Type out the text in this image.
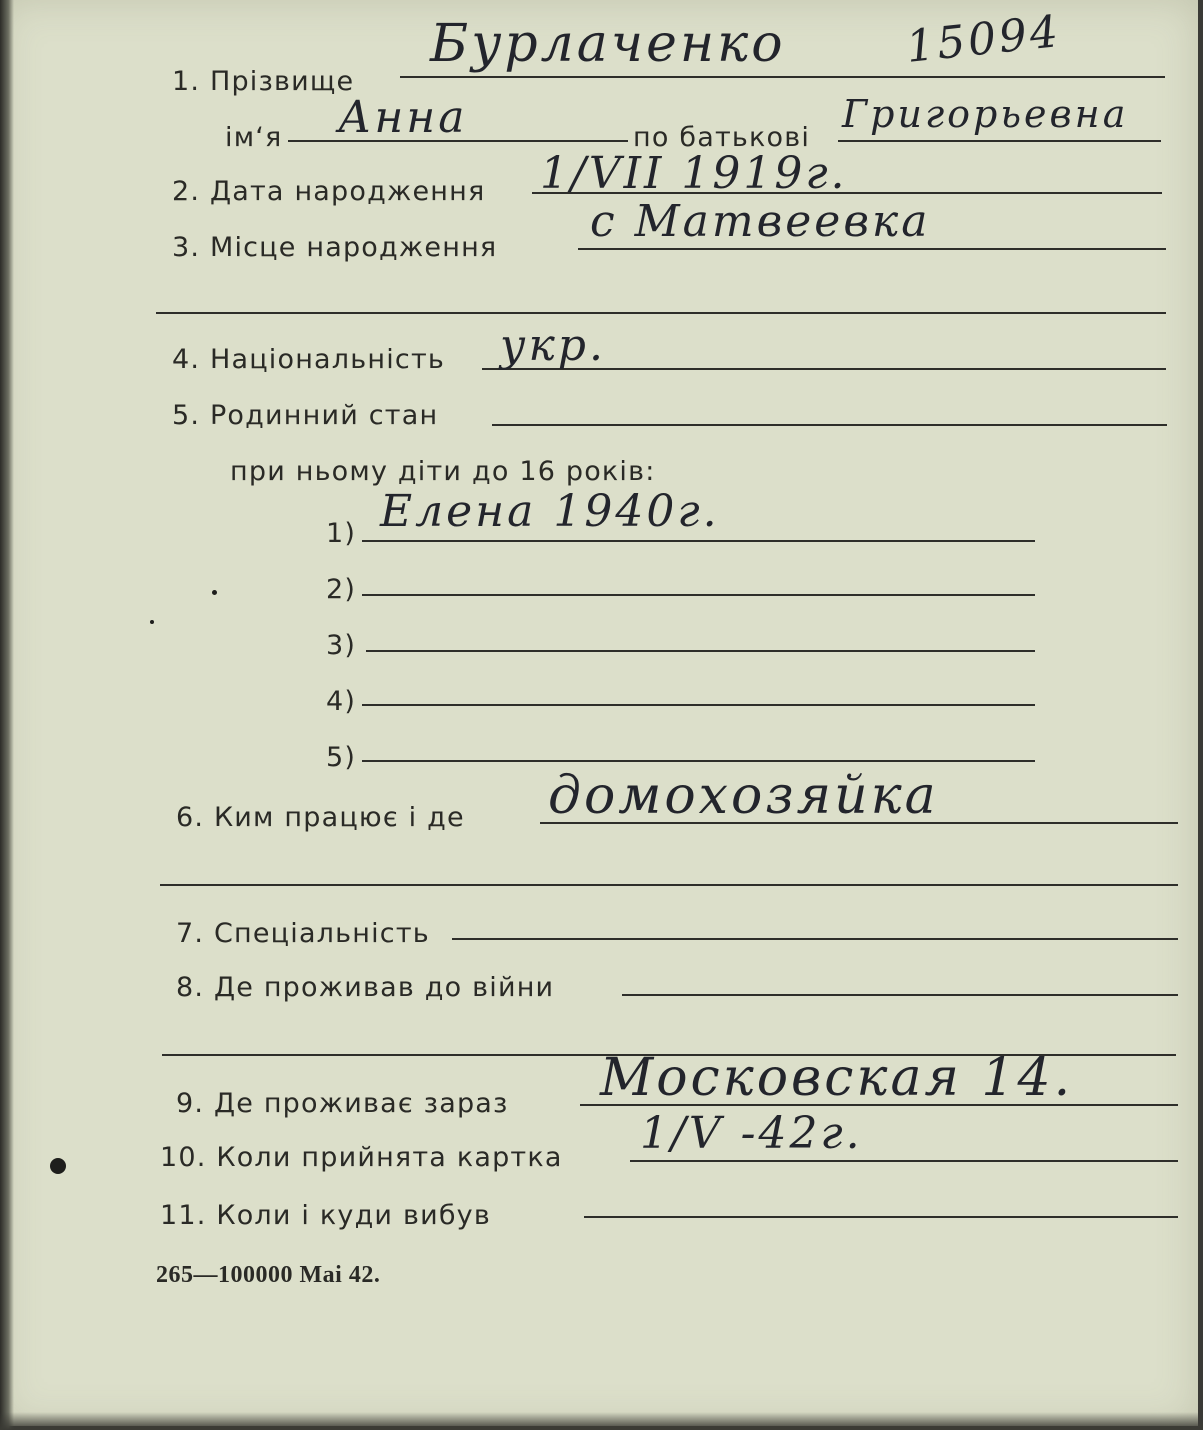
1. Прізвище
Бурлаченко	15094
ім‘я Анна	по батькові
Григорьевна
2. Дата народження 1/VII 1919г.
3. Місце народження
с Матвеевка
4. Національність укр.
5. Родинний стан
при ньому діти до 16 років:
1) Елена 1940г.
2)
3)
4)
5)
6. Ким працює і де домохозяйка
7. Спеціальність
8. Де проживав до війни
9. Де проживає зараз Московская 14.
10. Коли прийнята картка 1/V -42г.
11. Коли і куди вибув
265—100000 Mai 42.
